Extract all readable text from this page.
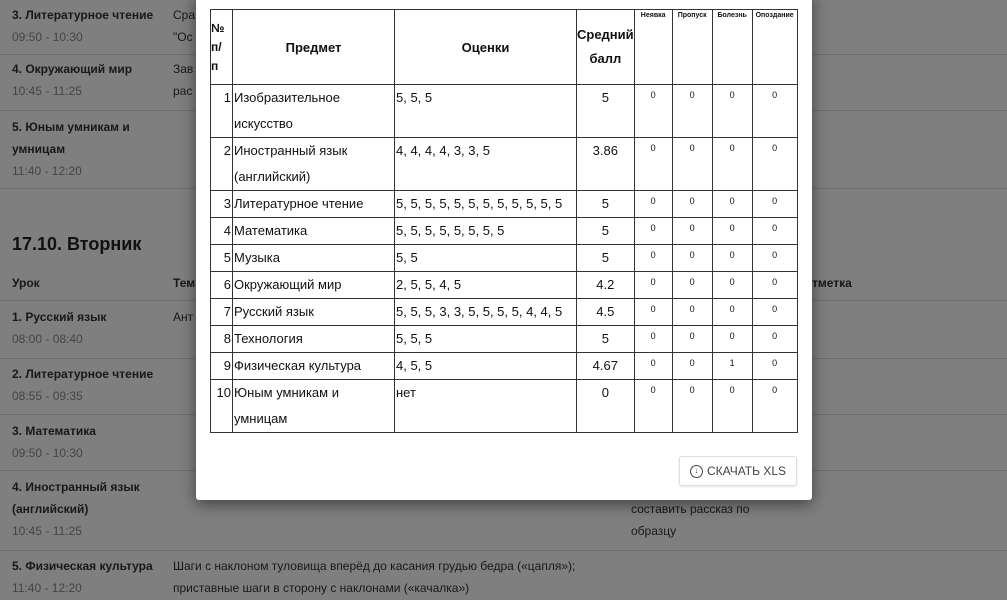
№ п/ п	Предмет	Оценки	Средний балл	Неявка	Пропуск	Болезнь	Опоздание
1	Изобразительное искусство	5, 5, 5	5	0	0	0	0
2	Иностранный язык (английский)	4, 4, 4, 4, 3, 3, 5	3.86	0	0	0	0
3	Литературное чтение	5, 5, 5, 5, 5, 5, 5, 5, 5, 5, 5, 5	5	0	0	0	0
4	Математика	5, 5, 5, 5, 5, 5, 5, 5	5	0	0	0	0
5	Музыка	5, 5	5	0	0	0	0
6	Окружающий мир	2, 5, 5, 4, 5	4.2	0	0	0	0
7	Русский язык	5, 5, 5, 3, 3, 5, 5, 5, 5, 4, 4, 5	4.5	0	0	0	0
8	Технология	5, 5, 5	5	0	0	0	0
9	Физическая культура	4, 5, 5	4.67	0	0	1	0
10	Юным умникам и умницам	нет	0	0	0	0	0
↓ СКАЧАТЬ XLS
